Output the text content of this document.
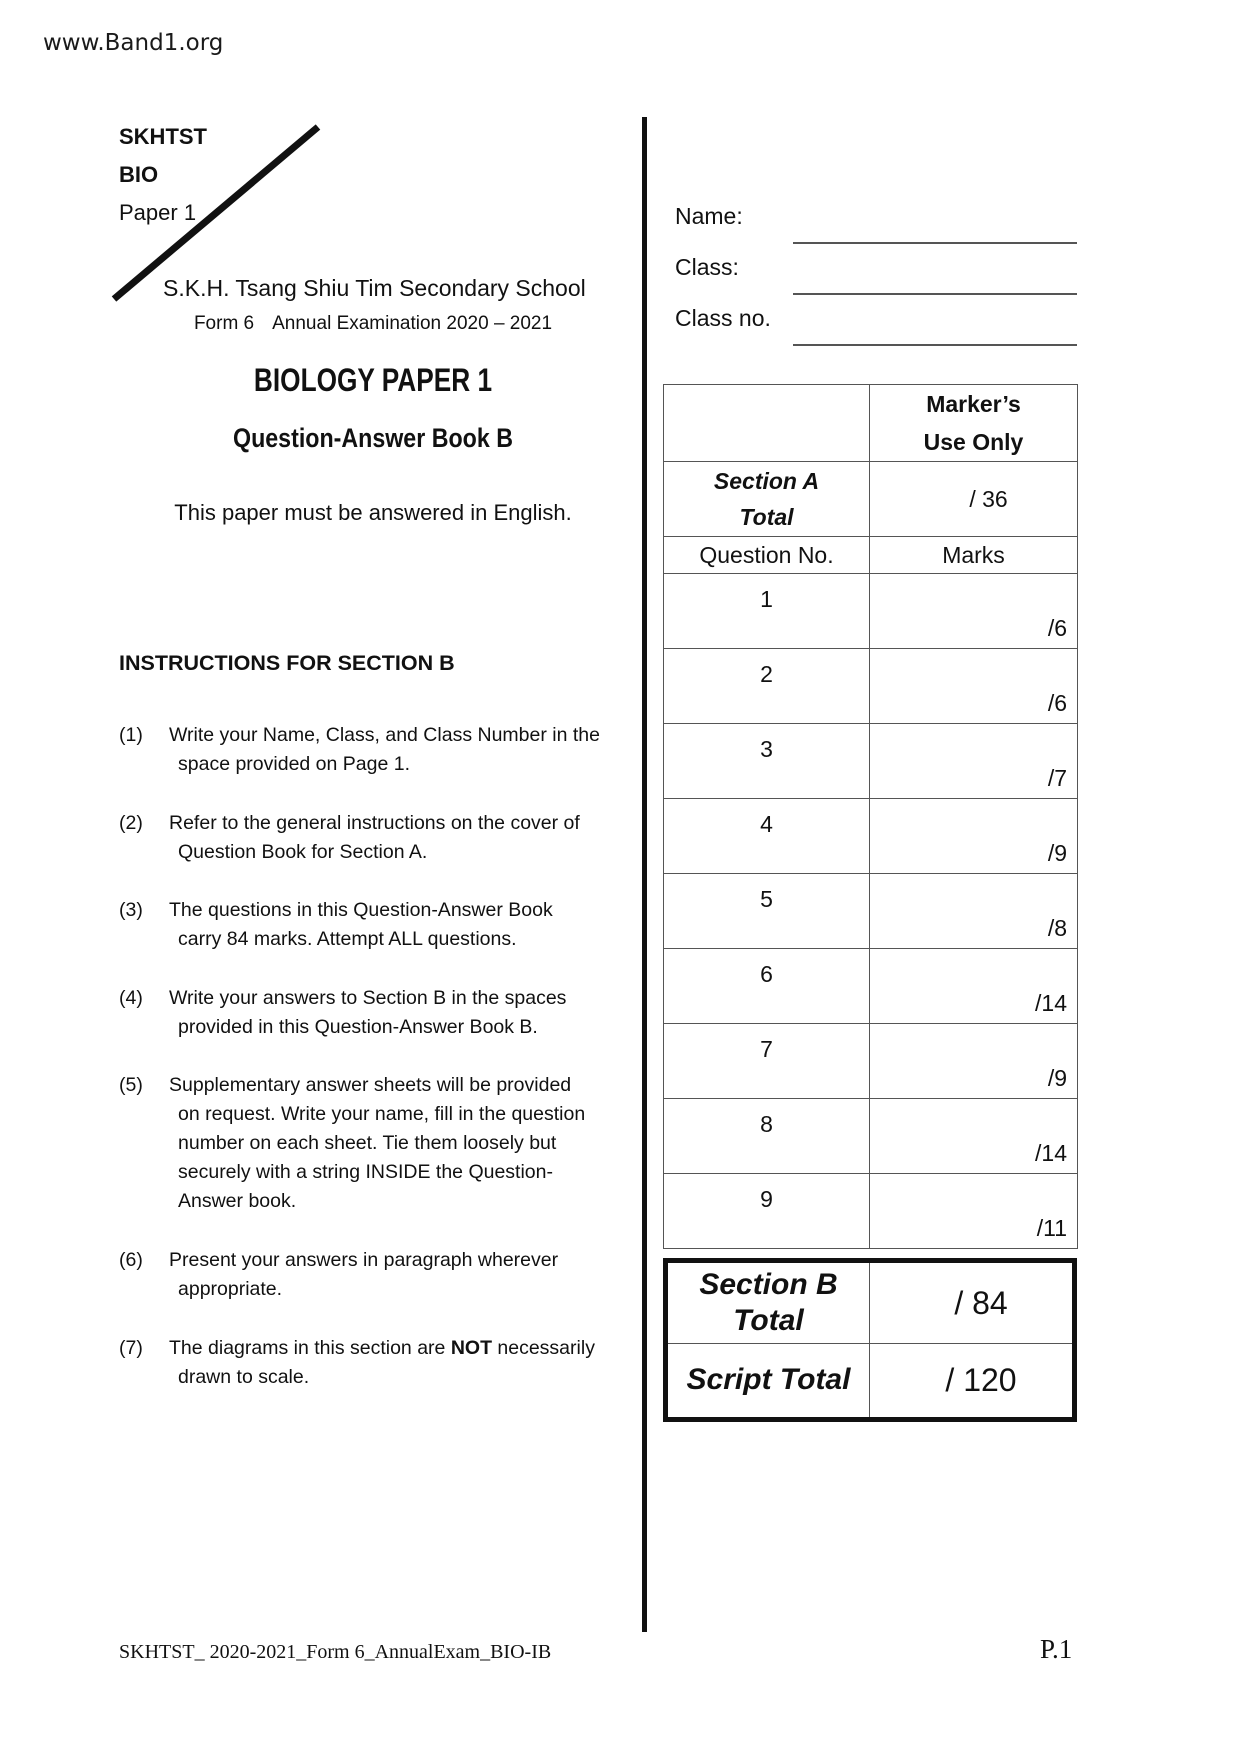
www.Band1.org
SKHTST
BIO
Paper 1
S.K.H. Tsang Shiu Tim Secondary School
Form 6 Annual Examination 2020 – 2021
BIOLOGY PAPER 1
Question-Answer Book B
This paper must be answered in English.
INSTRUCTIONS FOR SECTION B
(1) Write your Name, Class, and Class Number in the
space provided on Page 1.
(2) Refer to the general instructions on the cover of
Question Book for Section A.
(3) The questions in this Question-Answer Book
carry 84 marks. Attempt ALL questions.
(4) Write your answers to Section B in the spaces
provided in this Question-Answer Book B.
(5) Supplementary answer sheets will be provided
on request. Write your name, fill in the question
number on each sheet. Tie them loosely but
securely with a string INSIDE the Question-
Answer book.
(6) Present your answers in paragraph wherever
appropriate.
(7) The diagrams in this section are NOT necessarily
drawn to scale.
Name:
Class:
Class no.
	Marker’s
Use Only
Section A
Total	/ 36
Question No.	Marks

1	/6

2	/6

3	/7

4	/9

5	/8

6	/14

7	/9

8	/14

9	/11
Section B
Total	/ 84
Script Total	/ 120
SKHTST_ 2020-2021_Form 6_AnnualExam_BIO-IB	P.1
